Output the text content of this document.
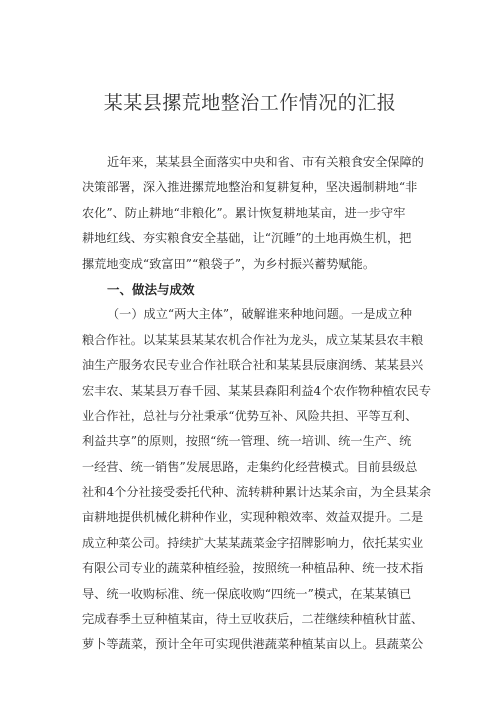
某某县摞荒地整治工作情况的汇报
近年来，某某县全面落实中央和省、市有关粮食安全保障的
决策部署，深入推进摞荒地整治和复耕复种，坚决遏制耕地“非
农化”、防止耕地“非粮化”。累计恢复耕地某亩，进一步守牢
耕地红线、夯实粮食安全基础，让“沉睡”的土地再焕生机，把
摞荒地变成“致富田”“粮袋子”，为乡村振兴蓄势赋能。
一、做法与成效
（一）成立“两大主体”，破解谁来种地问题。一是成立种
粮合作社。以某某县某某农机合作社为龙头，成立某某县农丰粮
油生产服务农民专业合作社联合社和某某县辰康润绣、某某县兴
宏丰农、某某县万春千园、某某县森阳利益4个农作物种植农民专
业合作社，总社与分社秉承“优势互补、风险共担、平等互利、
利益共享”的原则，按照“统一管理、统一培训、统一生产、统
一经营、统一销售”发展思路，走集约化经营模式。目前县级总
社和4个分社接受委托代种、流转耕种累计达某余亩，为全县某余
亩耕地提供机械化耕种作业，实现种粮效率、效益双提升。二是
成立种菜公司。持续扩大某某蔬菜金字招牌影响力，依托某实业
有限公司专业的蔬菜种植经验，按照统一种植品种、统一技术指
导、统一收购标准、统一保底收购“四统一”模式，在某某镇已
完成春季土豆种植某亩，待土豆收获后，二茬继续种植秋甘蓝、
萝卜等蔬菜，预计全年可实现供港蔬菜种植某亩以上。县蔬菜公
